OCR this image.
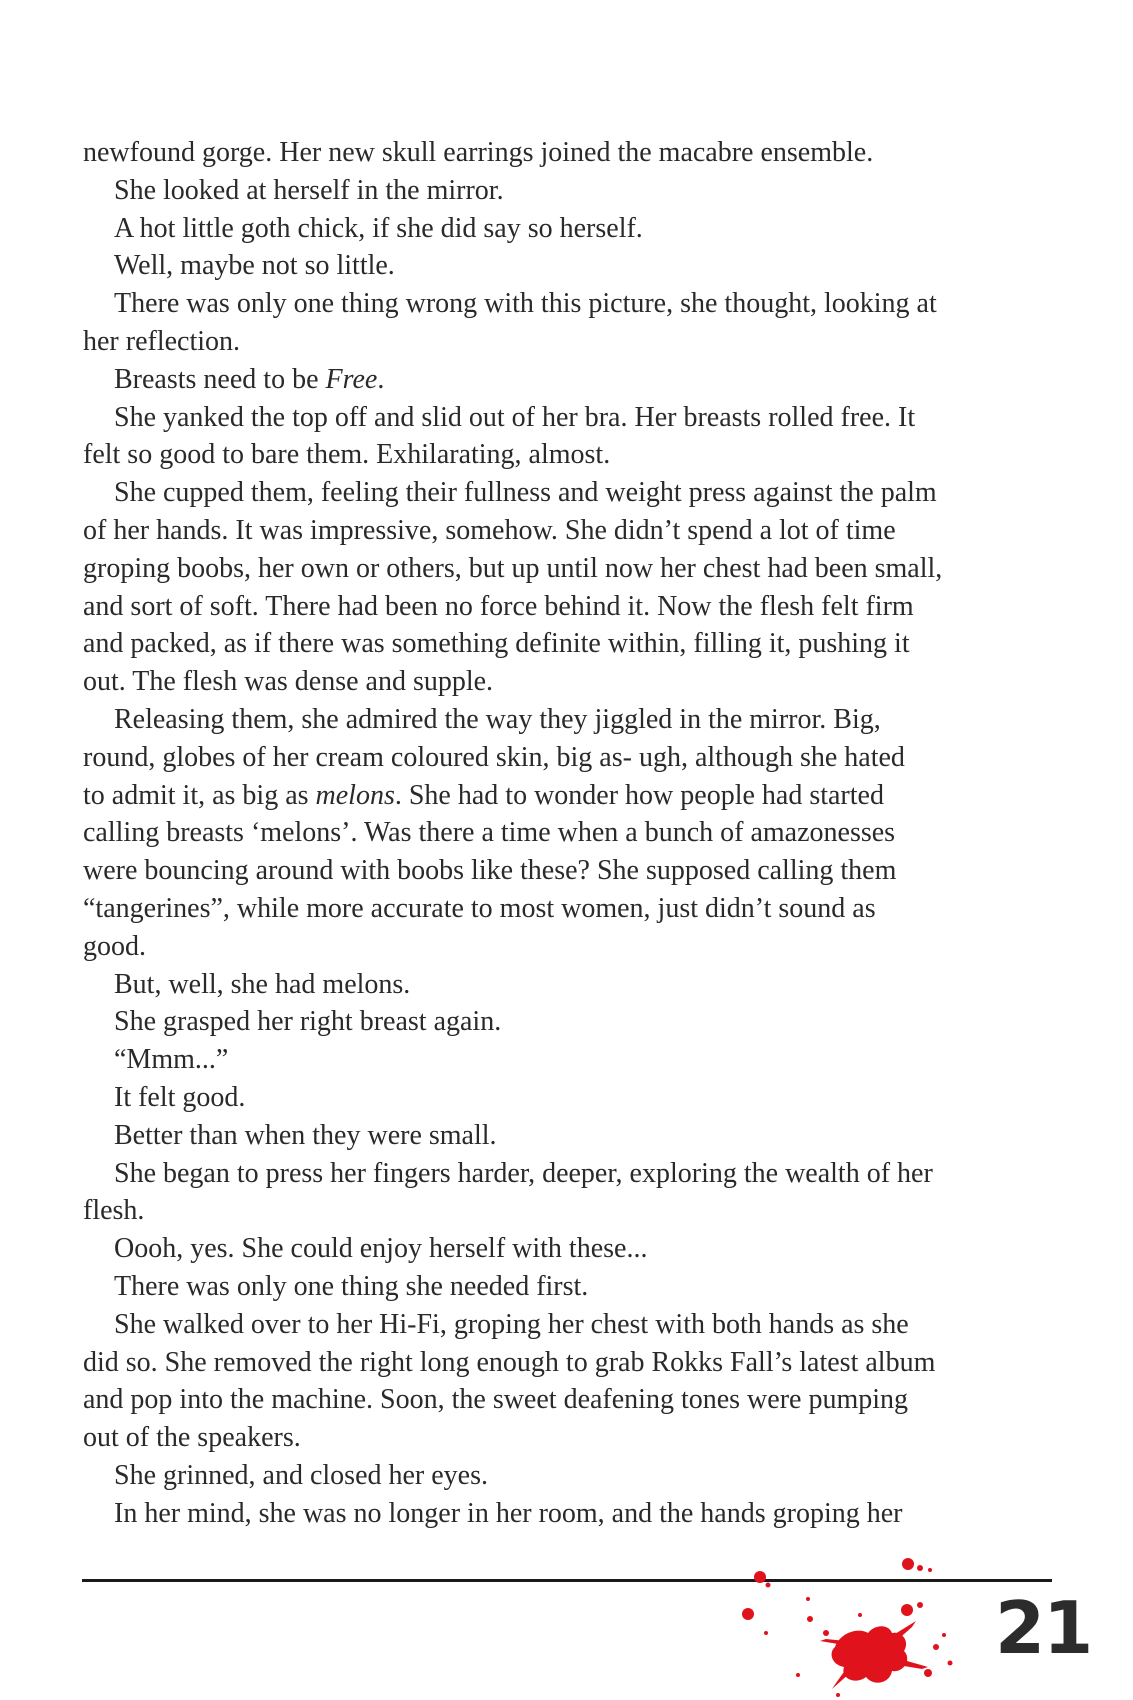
newfound gorge. Her new skull earrings joined the macabre ensemble.
She looked at herself in the mirror.
A hot little goth chick, if she did say so herself.
Well, maybe not so little.
There was only one thing wrong with this picture, she thought, looking at
her reflection.
Breasts need to be Free.
She yanked the top off and slid out of her bra. Her breasts rolled free. It
felt so good to bare them. Exhilarating, almost.
She cupped them, feeling their fullness and weight press against the palm
of her hands. It was impressive, somehow. She didn’t spend a lot of time
groping boobs, her own or others, but up until now her chest had been small,
and sort of soft. There had been no force behind it. Now the flesh felt firm
and packed, as if there was something definite within, filling it, pushing it
out. The flesh was dense and supple.
Releasing them, she admired the way they jiggled in the mirror. Big,
round, globes of her cream coloured skin, big as- ugh, although she hated
to admit it, as big as melons. She had to wonder how people had started
calling breasts ‘melons’. Was there a time when a bunch of amazonesses
were bouncing around with boobs like these? She supposed calling them
“tangerines”, while more accurate to most women, just didn’t sound as
good.
But, well, she had melons.
She grasped her right breast again.
“Mmm...”
It felt good.
Better than when they were small.
She began to press her fingers harder, deeper, exploring the wealth of her
flesh.
Oooh, yes. She could enjoy herself with these...
There was only one thing she needed first.
She walked over to her Hi-Fi, groping her chest with both hands as she
did so. She removed the right long enough to grab Rokks Fall’s latest album
and pop into the machine. Soon, the sweet deafening tones were pumping
out of the speakers.
She grinned, and closed her eyes.
In her mind, she was no longer in her room, and the hands groping her
21
